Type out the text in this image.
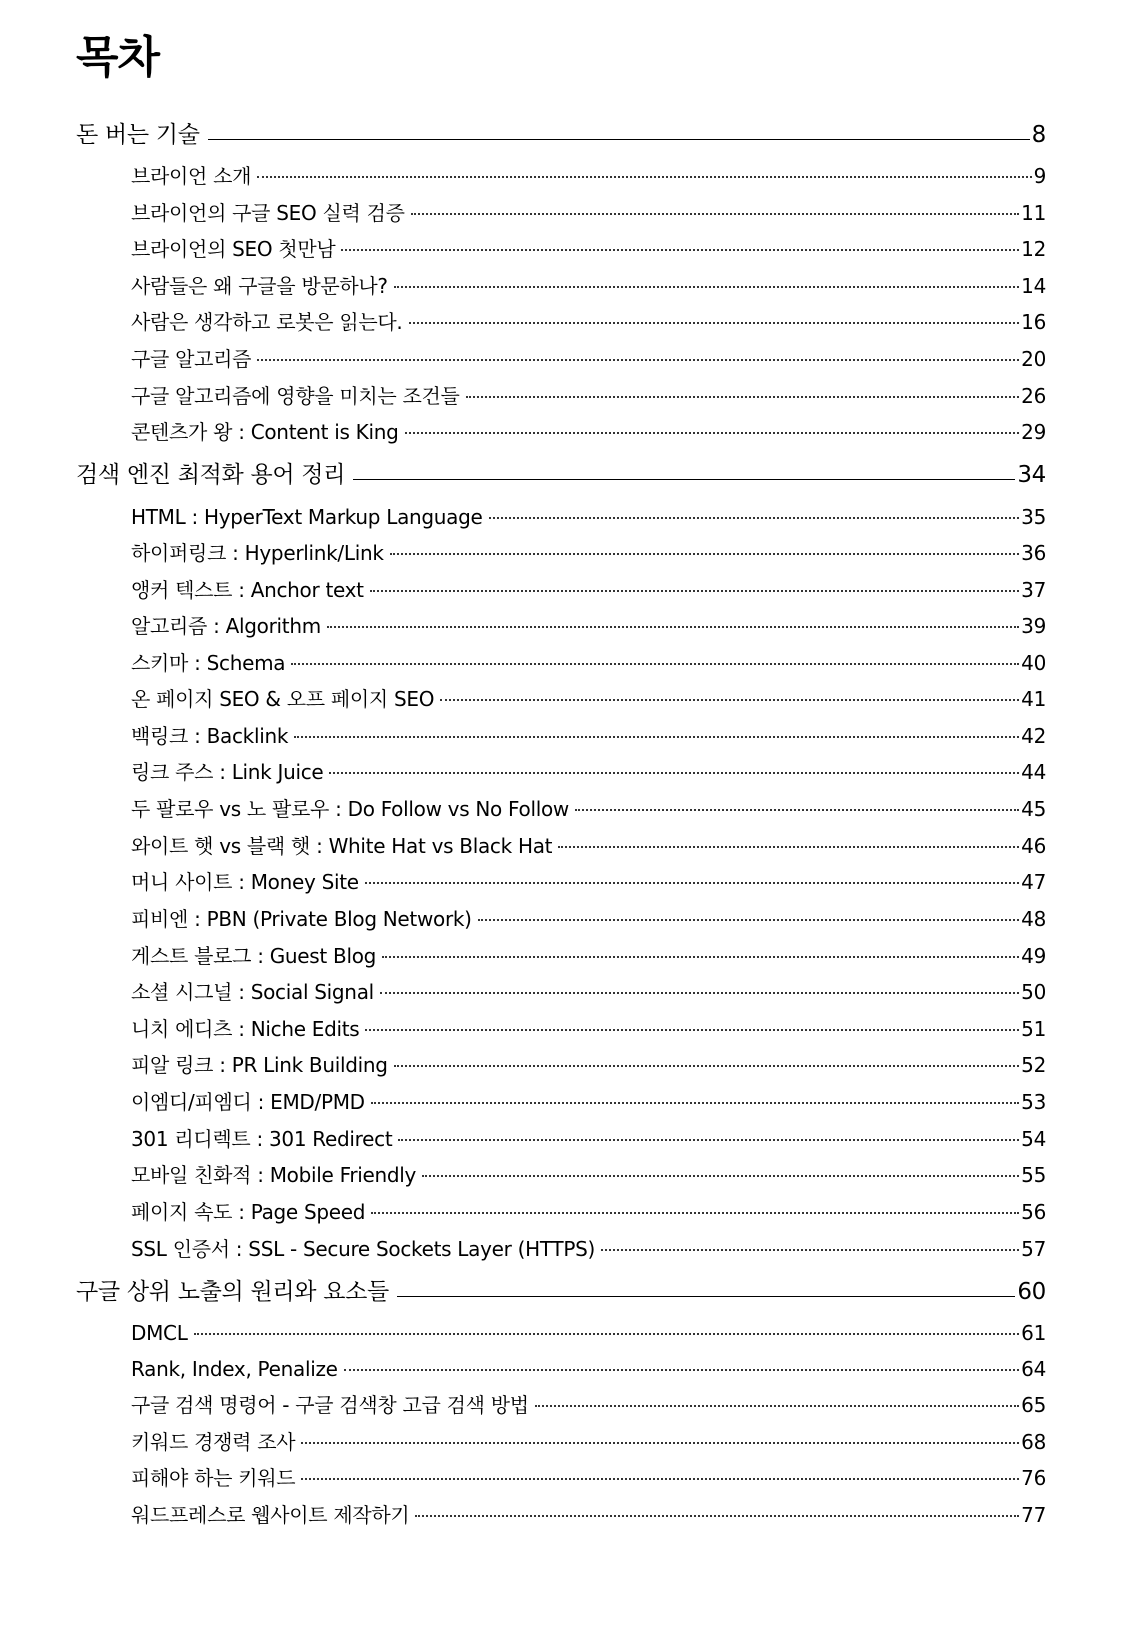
목차
돈 버는 기술	8
브라이언 소개	9
브라이언의 구글 SEO 실력 검증	11
브라이언의 SEO 첫만남	12
사람들은 왜 구글을 방문하나?	14
사람은 생각하고 로봇은 읽는다.	16
구글 알고리즘	20
구글 알고리즘에 영향을 미치는 조건들	26
콘텐츠가 왕 : Content is King	29
검색 엔진 최적화 용어 정리	34
HTML : HyperText Markup Language	35
하이퍼링크 : Hyperlink/Link	36
앵커 텍스트 : Anchor text	37
알고리즘 : Algorithm	39
스키마 : Schema	40
온 페이지 SEO & 오프 페이지 SEO	41
백링크 : Backlink	42
링크 주스 : Link Juice	44
두 팔로우 vs 노 팔로우 : Do Follow vs No Follow	45
와이트 햇 vs 블랙 햇 : White Hat vs Black Hat	46
머니 사이트 : Money Site	47
피비엔 : PBN (Private Blog Network)	48
게스트 블로그 : Guest Blog	49
소셜 시그널 : Social Signal	50
니치 에디츠 : Niche Edits	51
피알 링크 : PR Link Building	52
이엠디/피엠디 : EMD/PMD	53
301 리디렉트 : 301 Redirect	54
모바일 친화적 : Mobile Friendly	55
페이지 속도 : Page Speed	56
SSL 인증서 : SSL - Secure Sockets Layer (HTTPS)	57
구글 상위 노출의 원리와 요소들	60
DMCL	61
Rank, Index, Penalize	64
구글 검색 명령어 - 구글 검색창 고급 검색 방법	65
키워드 경쟁력 조사	68
피해야 하는 키워드	76
워드프레스로 웹사이트 제작하기	77
